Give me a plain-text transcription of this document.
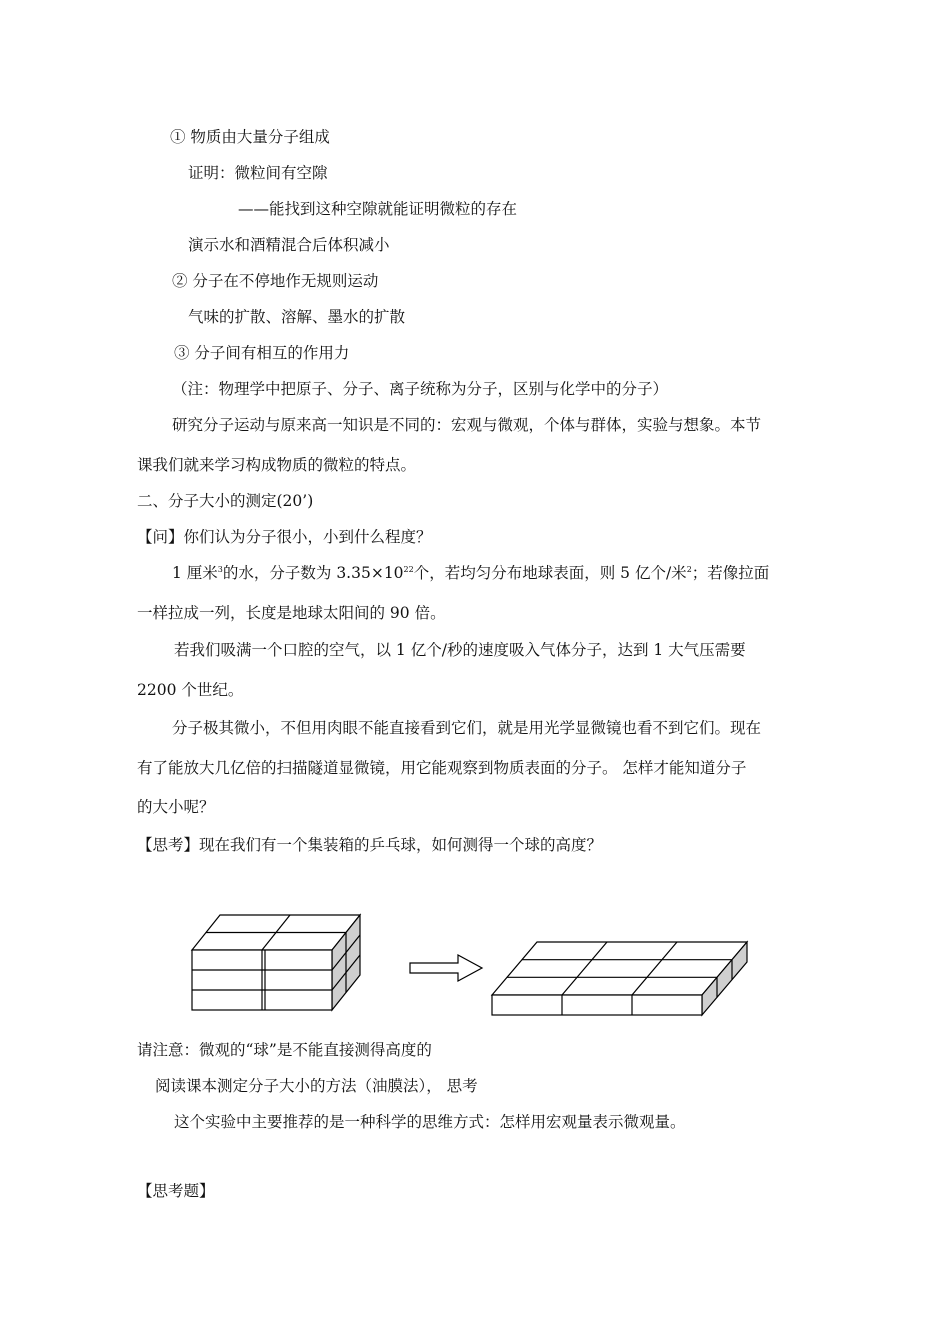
① 物质由大量分子组成
证明：微粒间有空隙
——能找到这种空隙就能证明微粒的存在
演示水和酒精混合后体积减小
② 分子在不停地作无规则运动
气味的扩散、溶解、墨水的扩散
③ 分子间有相互的作用力
（注：物理学中把原子、分子、离子统称为分子，区别与化学中的分子）
研究分子运动与原来高一知识是不同的：宏观与微观，个体与群体，实验与想象。本节
课我们就来学习构成物质的微粒的特点。
二、分子大小的测定(20’)
【问】你们认为分子很小，小到什么程度？
1 厘米$^3$的水，分子数为 $3.35\times 10^{22}$个，若均匀分布地球表面，则 5 亿个/米$^2$；若像拉面
一样拉成一列，长度是地球太阳间的 90 倍。
若我们吸满一个口腔的空气，以 1 亿个/秒的速度吸入气体分子，达到 1 大气压需要
2200 个世纪。
分子极其微小，不但用肉眼不能直接看到它们，就是用光学显微镜也看不到它们。现在
有了能放大几亿倍的扫描隧道显微镜，用它能观察到物质表面的分子。 怎样才能知道分子
的大小呢？
【思考】现在我们有一个集装箱的乒乓球，如何测得一个球的高度？
请注意：微观的“球”是不能直接测得高度的
阅读课本测定分子大小的方法（油膜法）， 思考
这个实验中主要推荐的是一种科学的思维方式：怎样用宏观量表示微观量。
【思考题】
